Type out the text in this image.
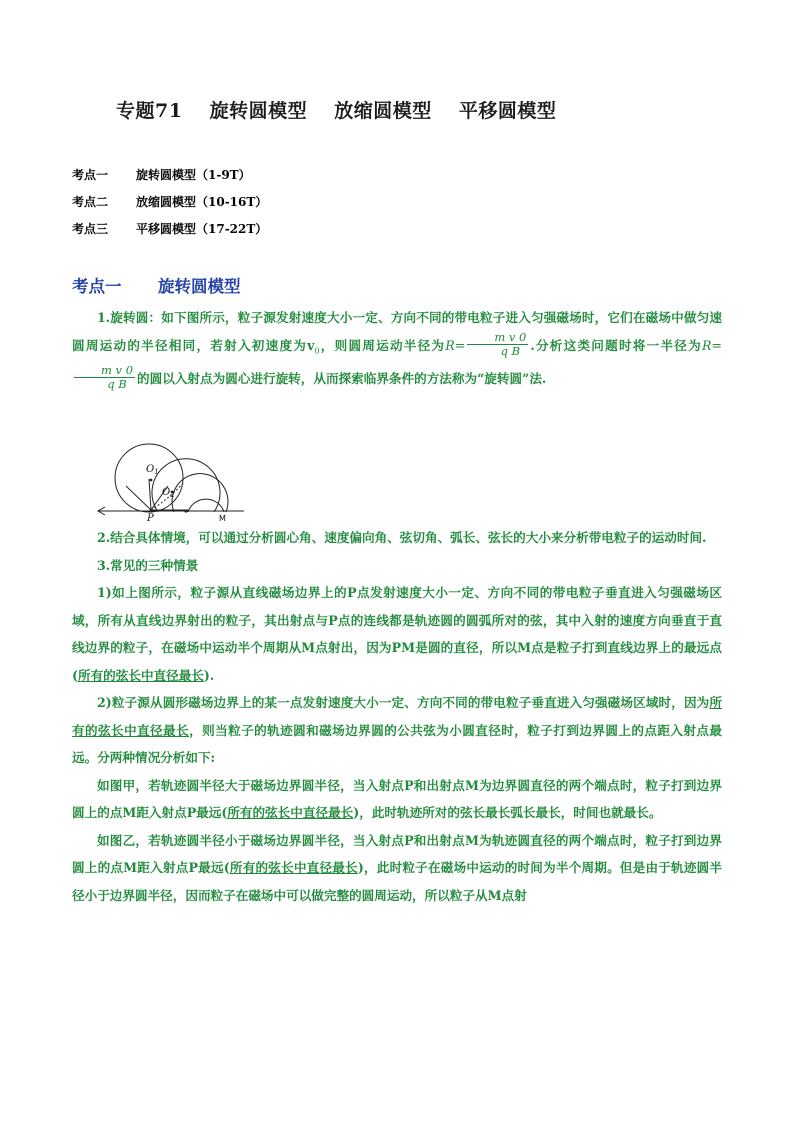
专题71 旋转圆模型 放缩圆模型 平移圆模型
考点一 旋转圆模型（1-9T）
考点二 放缩圆模型（10-16T）
考点三 平移圆模型（17-22T）
考点一 旋转圆模型

1.旋转圆：如下图所示，粒子源发射速度大小一定、方向不同的带电粒子进入匀强磁场时，它们在磁场中做匀速圆周运动的半径相同，若射入初速度为$v_0$，则圆周运动半径为$R= \frac{\text{m v 0}}{\text{q B}}$ .分析这类问题时将一半径为R=
$\frac{\text{m v 0}}{\text{q B}}$ 的圆以入射点为圆心进行旋转，从而探索临界条件的方法称为“旋转圆”法.

$O_1$
$O_2$
P	M

2.结合具体情境，可以通过分析圆心角、速度偏向角、弦切角、弧长、弦长的大小来分析带电粒子的运动时间.

3.常见的三种情景

1)如上图所示，粒子源从直线磁场边界上的P点发射速度大小一定、方向不同的带电粒子垂直进入匀强磁场区域，所有从直线边界射出的粒子，其出射点与P点的连线都是轨迹圆的圆弧所对的弦，其中入射的速度方向垂直于直线边界的粒子，在磁场中运动半个周期从M点射出，因为PM是圆的直径，所以M点是粒子打到直线边界上的最远点(所有的弦长中直径最长).

2)粒子源从圆形磁场边界上的某一点发射速度大小一定、方向不同的带电粒子垂直进入匀强磁场区域时，因为所有的弦长中直径最长，则当粒子的轨迹圆和磁场边界圆的公共弦为小圆直径时，粒子打到边界圆上的点距入射点最远。分两种情况分析如下:

如图甲，若轨迹圆半径大于磁场边界圆半径，当入射点P和出射点M为边界圆直径的两个端点时，粒子打到边界圆上的点M距入射点P最远(所有的弦长中直径最长)，此时轨迹所对的弦长最长弧长最长，时间也就最长。

如图乙，若轨迹圆半径小于磁场边界圆半径，当入射点P和出射点M为轨迹圆直径的两个端点时，粒子打到边界圆上的点M距入射点P最远(所有的弦长中直径最长)，此时粒子在磁场中运动的时间为半个周期。但是由于轨迹圆半径小于边界圆半径，因而粒子在磁场中可以做完整的圆周运动，所以粒子从M点射
